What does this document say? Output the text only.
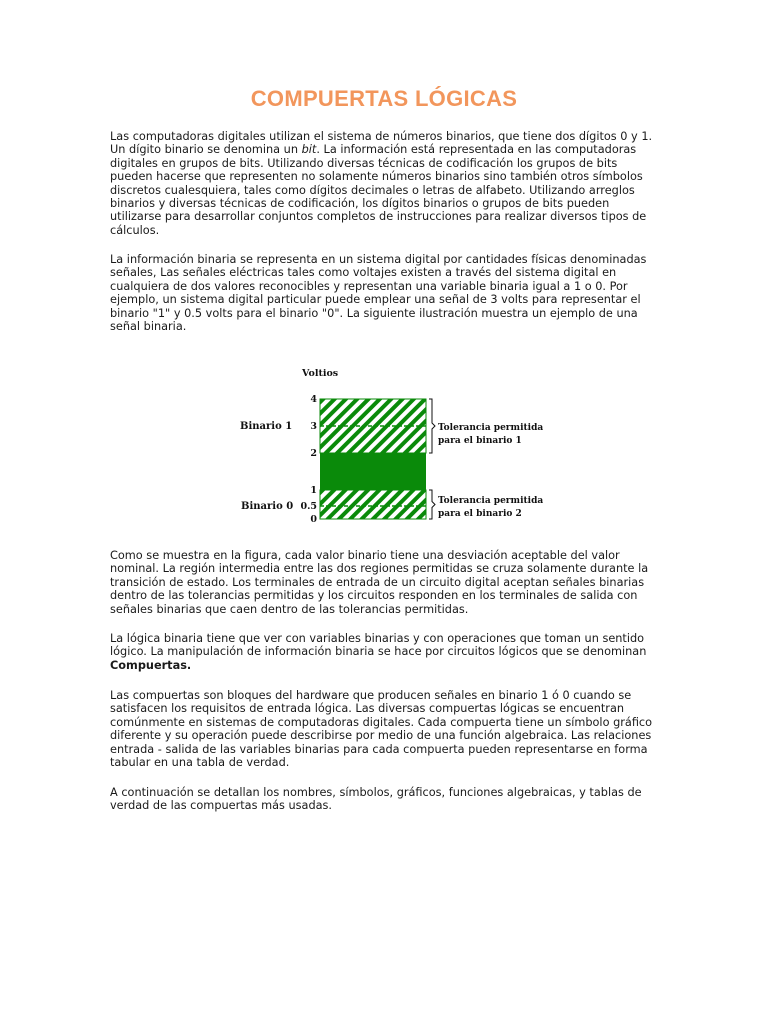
COMPUERTAS LÓGICAS

Las computadoras digitales utilizan el sistema de números binarios, que tiene dos dígitos 0 y 1. Un dígito binario se denomina un bit. La información está representada en las computadoras digitales en grupos de bits. Utilizando diversas técnicas de codificación los grupos de bits pueden hacerse que representen no solamente números binarios sino también otros símbolos discretos cualesquiera, tales como dígitos decimales o letras de alfabeto. Utilizando arreglos binarios y diversas técnicas de codificación, los dígitos binarios o grupos de bits pueden utilizarse para desarrollar conjuntos completos de instrucciones para realizar diversos tipos de cálculos.

La información binaria se representa en un sistema digital por cantidades físicas denominadas señales, Las señales eléctricas tales como voltajes existen a través del sistema digital en cualquiera de dos valores reconocibles y representan una variable binaria igual a 1 o 0. Por ejemplo, un sistema digital particular puede emplear una señal de 3 volts para representar el binario "1" y 0.5 volts para el binario "0". La siguiente ilustración muestra un ejemplo de una señal binaria.

Voltios
4
3
2
1
0.5
0
Binario 1
Binario 0
Tolerancia permitida
para el binario 1
Tolerancia permitida
para el binario 2

Como se muestra en la figura, cada valor binario tiene una desviación aceptable del valor nominal. La región intermedia entre las dos regiones permitidas se cruza solamente durante la transición de estado. Los terminales de entrada de un circuito digital aceptan señales binarias dentro de las tolerancias permitidas y los circuitos responden en los terminales de salida con señales binarias que caen dentro de las tolerancias permitidas.

La lógica binaria tiene que ver con variables binarias y con operaciones que toman un sentido lógico. La manipulación de información binaria se hace por circuitos lógicos que se denominan Compuertas.

Las compuertas son bloques del hardware que producen señales en binario 1 ó 0 cuando se satisfacen los requisitos de entrada lógica. Las diversas compuertas lógicas se encuentran comúnmente en sistemas de computadoras digitales. Cada compuerta tiene un símbolo gráfico diferente y su operación puede describirse por medio de una función algebraica. Las relaciones entrada - salida de las variables binarias para cada compuerta pueden representarse en forma tabular en una tabla de verdad.

A continuación se detallan los nombres, símbolos, gráficos, funciones algebraicas, y tablas de verdad de las compuertas más usadas.
